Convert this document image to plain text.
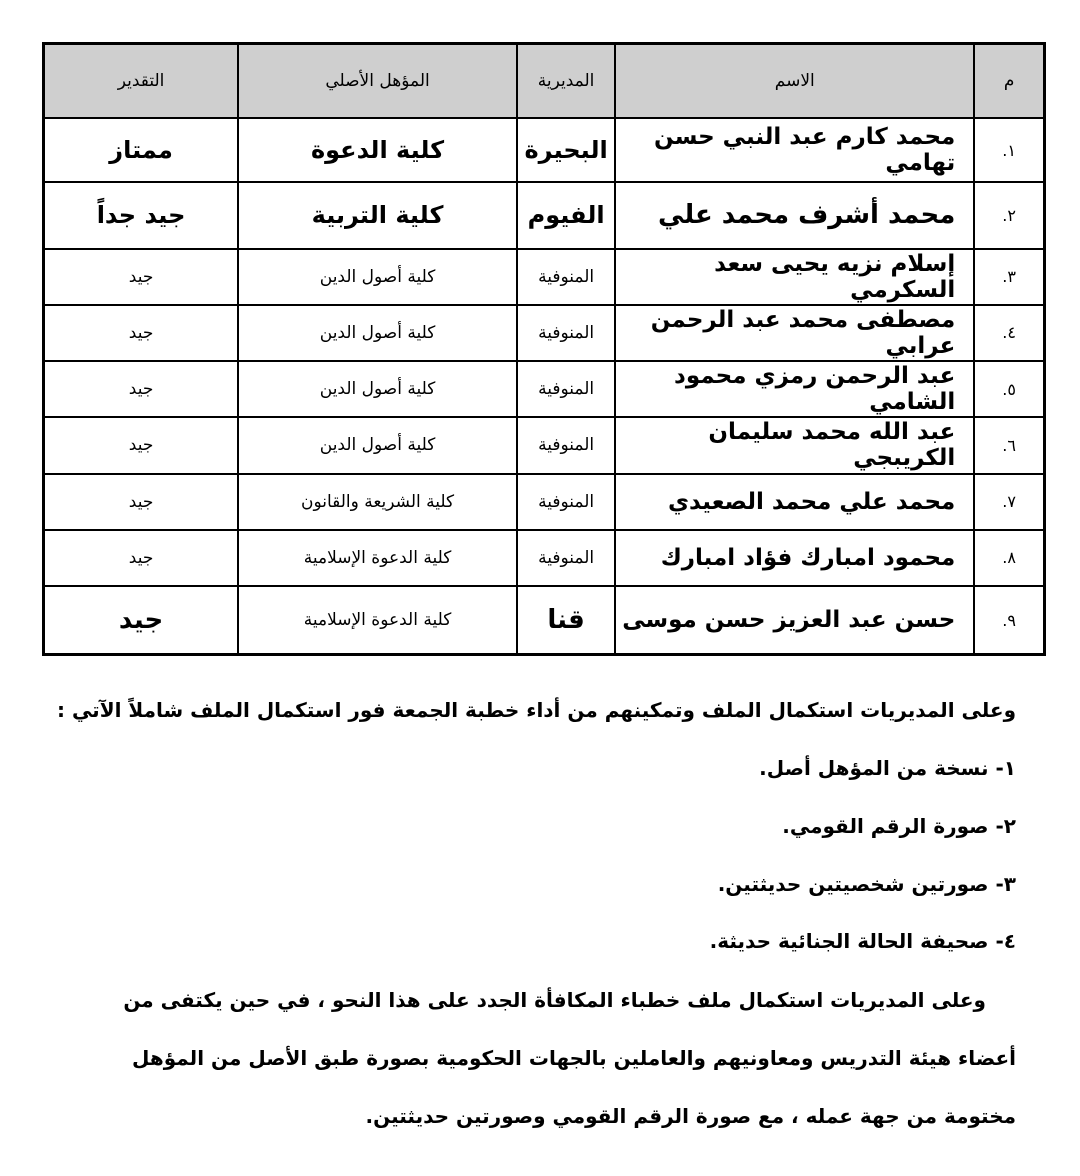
م	الاسم	المديرية	المؤهل الأصلي	التقدير
١.	محمد كارم عبد النبي حسن تهامي	البحيرة	كلية الدعوة	ممتاز
٢.	محمد أشرف محمد علي	الفيوم	كلية التربية	جيد جداً
٣.	إسلام نزيه يحيى سعد السكرمي	المنوفية	كلية أصول الدين	جيد
٤.	مصطفى محمد عبد الرحمن عرابي	المنوفية	كلية أصول الدين	جيد
٥.	عبد الرحمن رمزي محمود الشامي	المنوفية	كلية أصول الدين	جيد
٦.	عبد الله محمد سليمان الكريبجي	المنوفية	كلية أصول الدين	جيد
٧.	محمد علي محمد الصعيدي	المنوفية	كلية الشريعة والقانون	جيد
٨.	محمود امبارك فؤاد امبارك	المنوفية	كلية الدعوة الإسلامية	جيد
٩.	حسن عبد العزيز حسن موسى	قنا	كلية الدعوة الإسلامية	جيد
وعلى المديريات استكمال الملف وتمكينهم من أداء خطبة الجمعة فور استكمال الملف شاملاً الآتي :
١- نسخة من المؤهل أصل.
٢- صورة الرقم القومي.
٣- صورتين شخصيتين حديثتين.
٤- صحيفة الحالة الجنائية حديثة.
وعلى المديريات استكمال ملف خطباء المكافأة الجدد على هذا النحو ، في حين يكتفى من
أعضاء هيئة التدريس ومعاونيهم والعاملين بالجهات الحكومية بصورة طبق الأصل من المؤهل
مختومة من جهة عمله ، مع صورة الرقم القومي وصورتين حديثتين.
